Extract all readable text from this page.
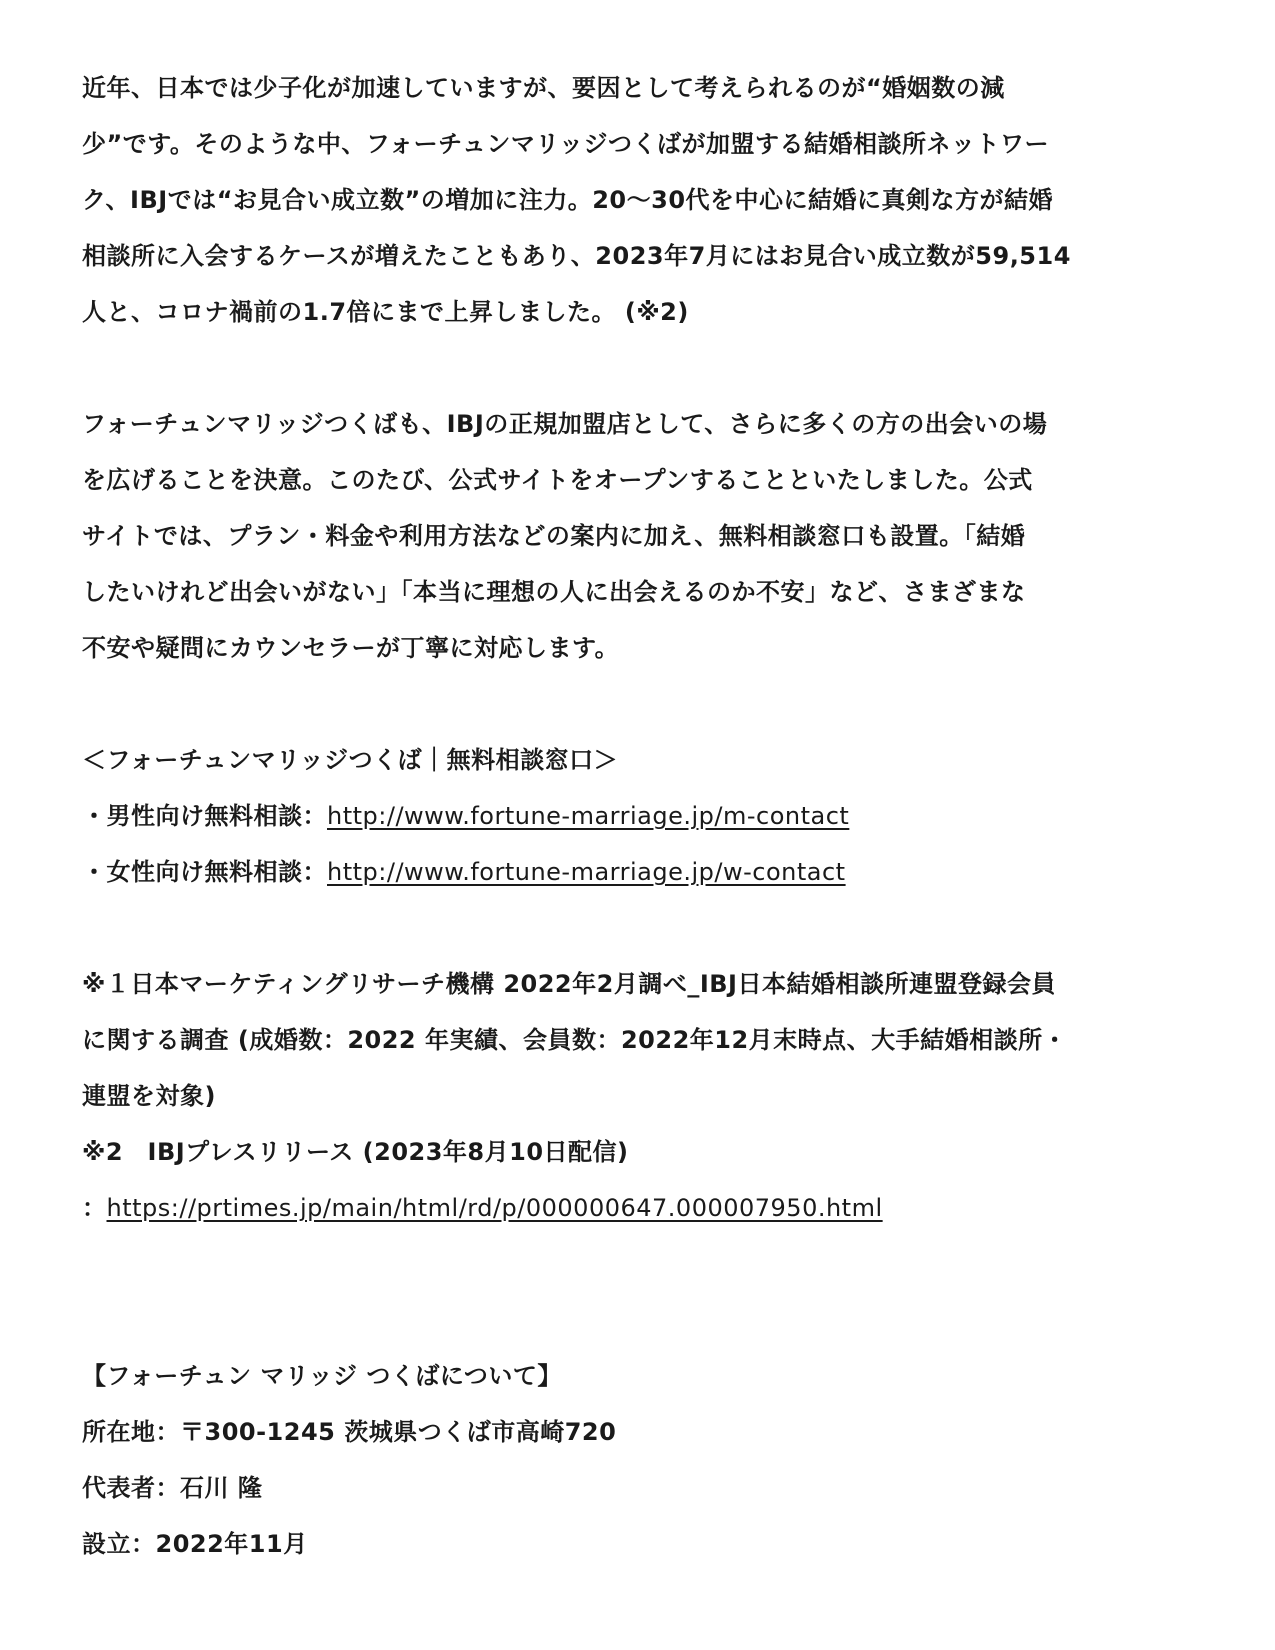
近年、日本では少子化が加速していますが、要因として考えられるのが“婚姻数の減
少”です。そのような中、フォーチュンマリッジつくばが加盟する結婚相談所ネットワー
ク、IBJでは“お見合い成立数”の増加に注力。20〜30代を中心に結婚に真剣な方が結婚
相談所に入会するケースが増えたこともあり、2023年7月にはお見合い成立数が59,514
人と、コロナ禍前の1.7倍にまで上昇しました。 (※2)
フォーチュンマリッジつくばも、IBJの正規加盟店として、さらに多くの方の出会いの場
を広げることを決意。このたび、公式サイトをオープンすることといたしました。公式
サイトでは、プラン・料金や利用方法などの案内に加え、無料相談窓口も設置。「結婚
したいけれど出会いがない」「本当に理想の人に出会えるのか不安」など、さまざまな
不安や疑問にカウンセラーが丁寧に対応します。
＜フォーチュンマリッジつくば｜無料相談窓口＞
・男性向け無料相談：http://www.fortune-marriage.jp/m-contact
・女性向け無料相談：http://www.fortune-marriage.jp/w-contact
※１日本マーケティングリサーチ機構 2022年2月調べ_IBJ日本結婚相談所連盟登録会員
に関する調査 (成婚数：2022 年実績、会員数：2022年12月末時点、大手結婚相談所・
連盟を対象)
※2　IBJプレスリリース (2023年8月10日配信)
：https://prtimes.jp/main/html/rd/p/000000647.000007950.html
【フォーチュン マリッジ つくばについて】
所在地：〒300-1245 茨城県つくば市高崎720
代表者：石川 隆
設立：2022年11月
